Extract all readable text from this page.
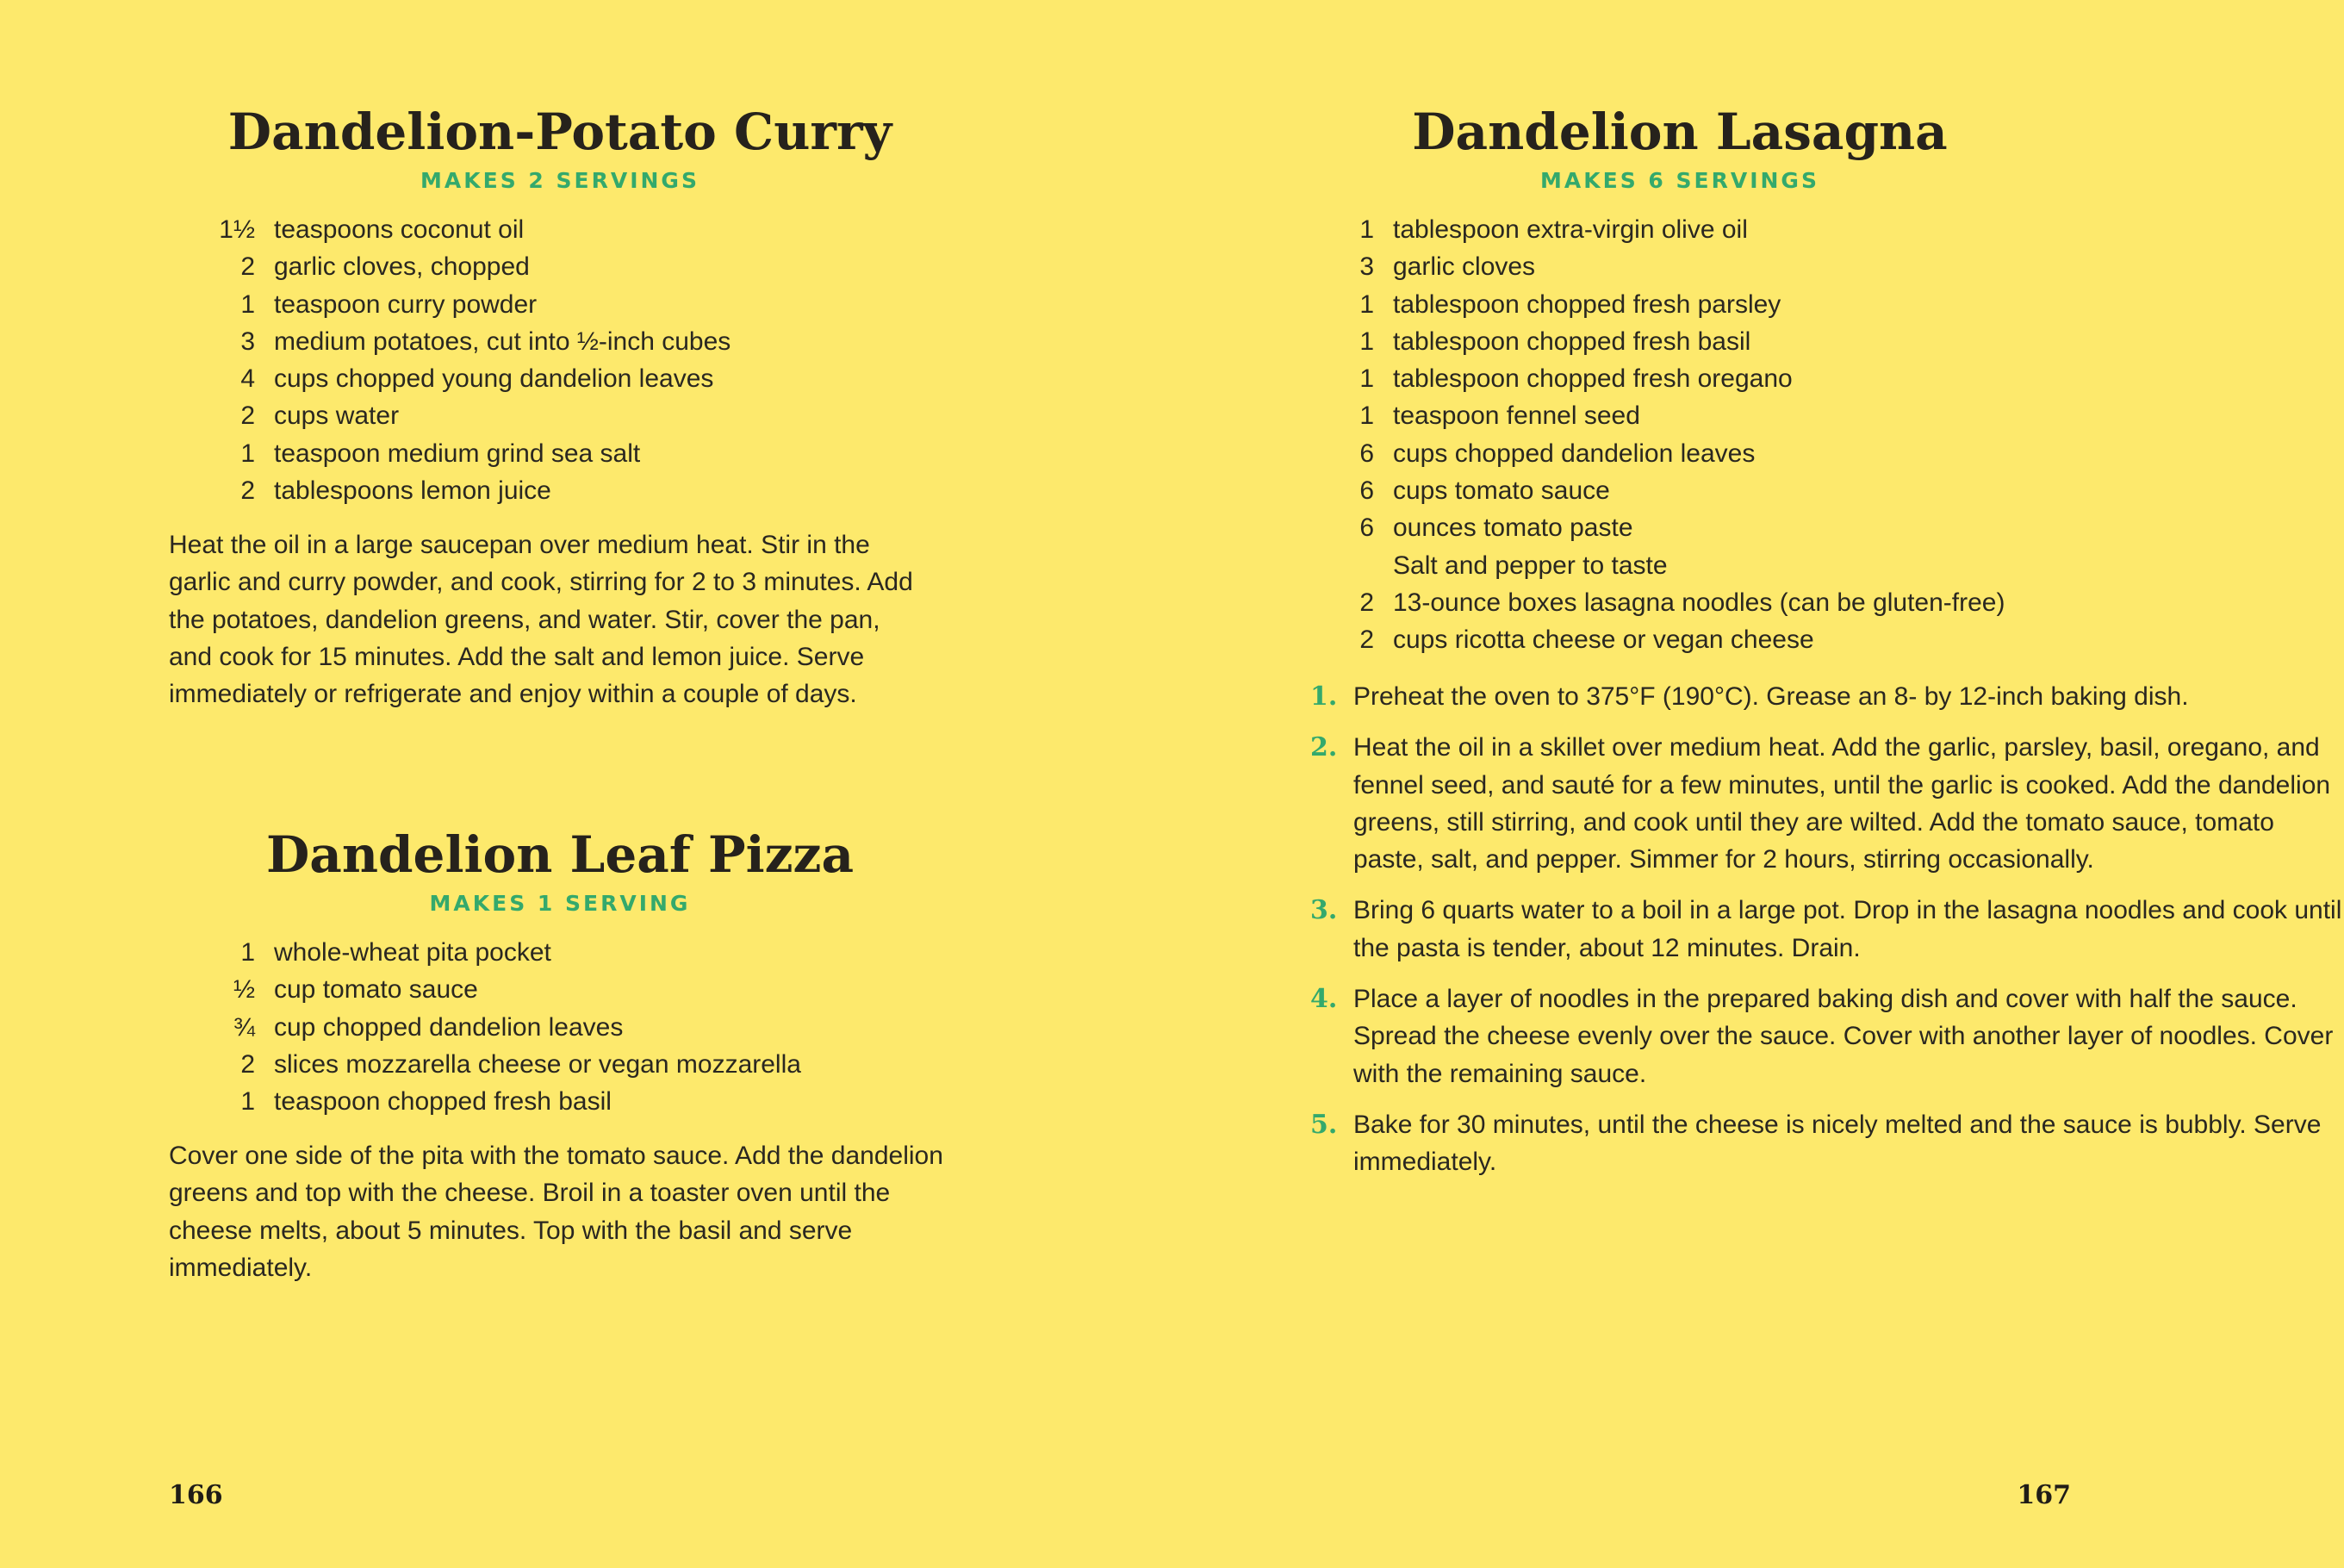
Dandelion-Potato Curry
MAKES 2 SERVINGS
1½ teaspoons coconut oil
2 garlic cloves, chopped
1 teaspoon curry powder
3 medium potatoes, cut into ½-inch cubes
4 cups chopped young dandelion leaves
2 cups water
1 teaspoon medium grind sea salt
2 tablespoons lemon juice

Heat the oil in a large saucepan over medium heat. Stir in the garlic and curry powder, and cook, stirring for 2 to 3 minutes. Add the potatoes, dandelion greens, and water. Stir, cover the pan, and cook for 15 minutes. Add the salt and lemon juice. Serve immediately or refrigerate and enjoy within a couple of days.

Dandelion Leaf Pizza
MAKES 1 SERVING
1 whole-wheat pita pocket
½ cup tomato sauce
¾ cup chopped dandelion leaves
2 slices mozzarella cheese or vegan mozzarella
1 teaspoon chopped fresh basil

Cover one side of the pita with the tomato sauce. Add the dandelion greens and top with the cheese. Broil in a toaster oven until the cheese melts, about 5 minutes. Top with the basil and serve immediately.

166
Dandelion Lasagna
MAKES 6 SERVINGS
1 tablespoon extra-virgin olive oil
3 garlic cloves
1 tablespoon chopped fresh parsley
1 tablespoon chopped fresh basil
1 tablespoon chopped fresh oregano
1 teaspoon fennel seed
6 cups chopped dandelion leaves
6 cups tomato sauce
6 ounces tomato paste
Salt and pepper to taste
2 13-ounce boxes lasagna noodles (can be gluten-free)
2 cups ricotta cheese or vegan cheese
1. Preheat the oven to 375°F (190°C). Grease an 8- by 12-inch baking dish.
2. Heat the oil in a skillet over medium heat. Add the garlic, parsley, basil, oregano, and fennel seed, and sauté for a few minutes, until the garlic is cooked. Add the dandelion greens, still stirring, and cook until they are wilted. Add the tomato sauce, tomato paste, salt, and pepper. Simmer for 2 hours, stirring occasionally.
3. Bring 6 quarts water to a boil in a large pot. Drop in the lasagna noodles and cook until the pasta is tender, about 12 minutes. Drain.
4. Place a layer of noodles in the prepared baking dish and cover with half the sauce. Spread the cheese evenly over the sauce. Cover with another layer of noodles. Cover with the remaining sauce.
5. Bake for 30 minutes, until the cheese is nicely melted and the sauce is bubbly. Serve immediately.
167
